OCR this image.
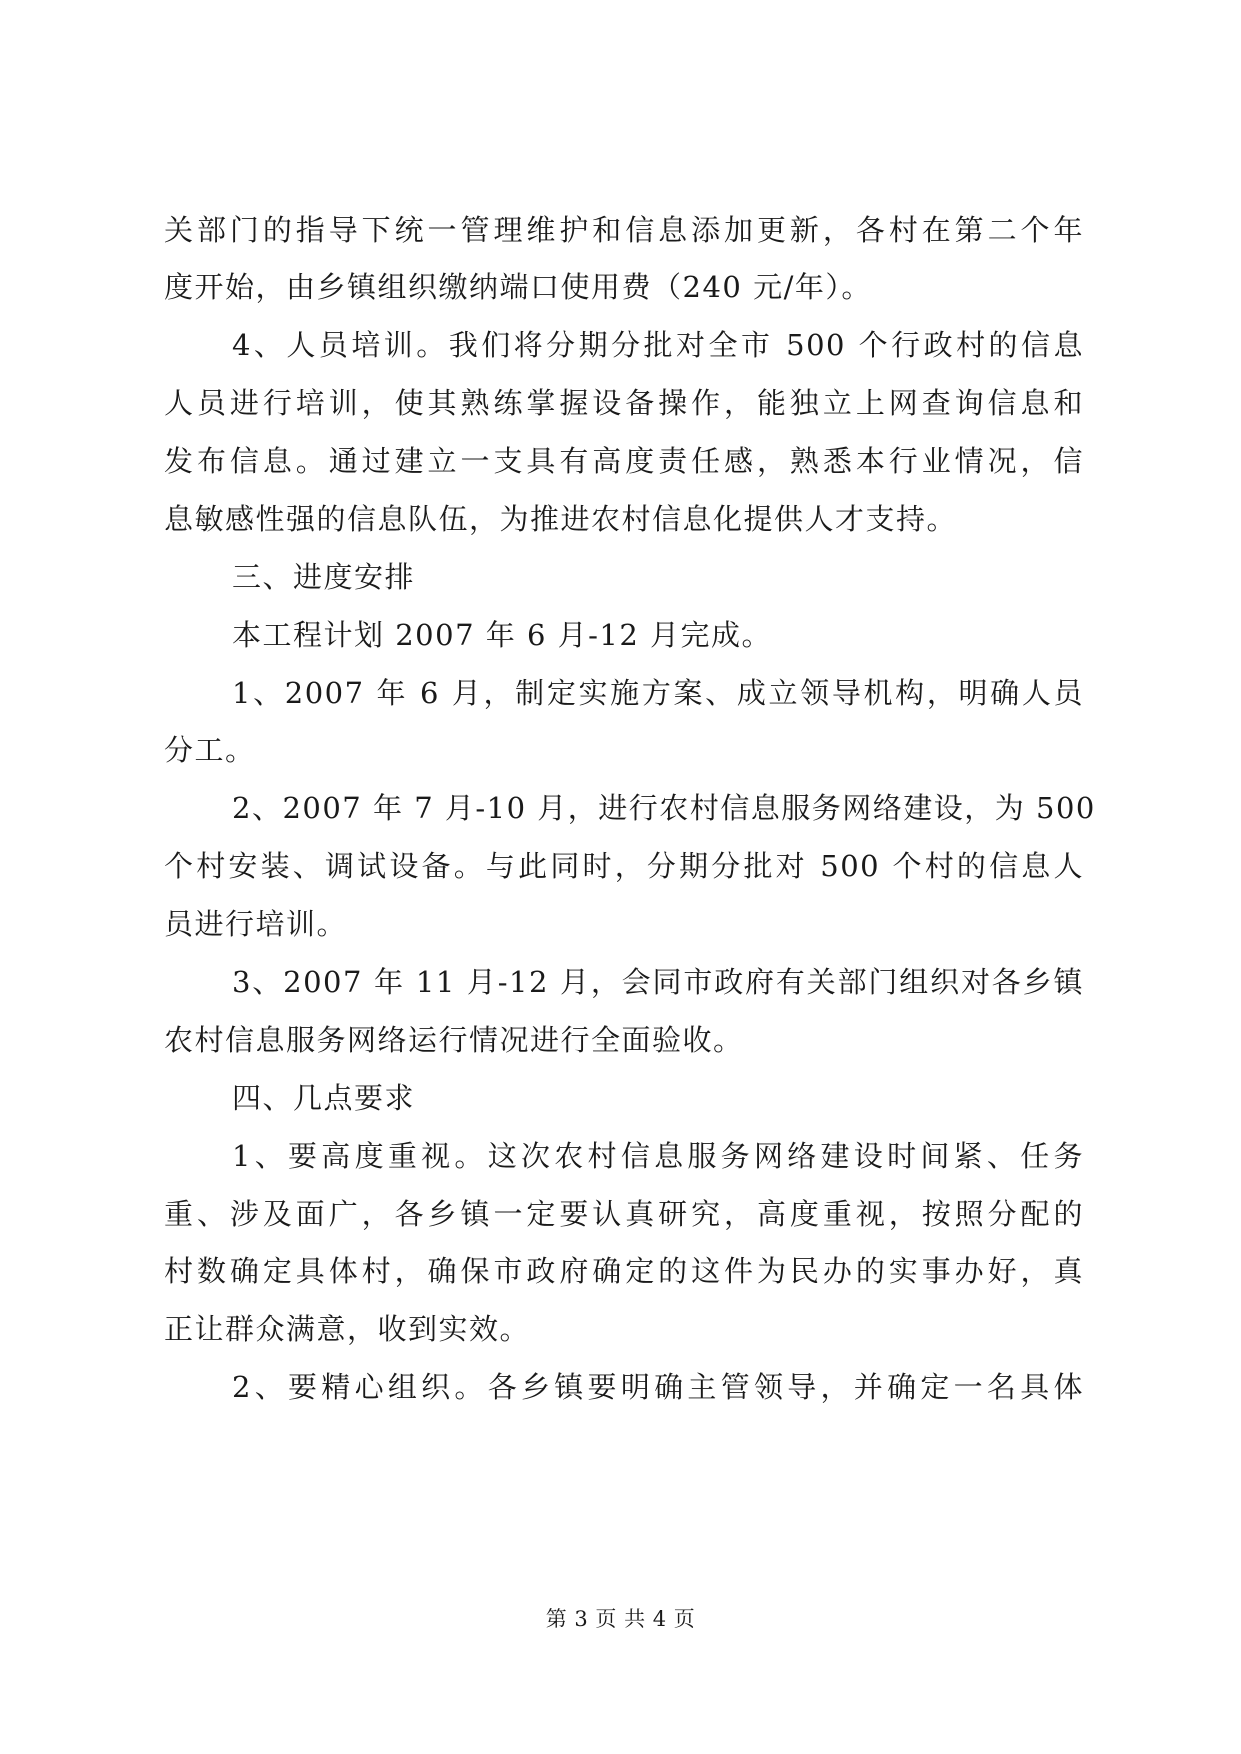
关部门的指导下统一管理维护和信息添加更新，各村在第二个年

度开始，由乡镇组织缴纳端口使用费（240 元/年）。

4、人员培训。我们将分期分批对全市 500 个行政村的信息

人员进行培训，使其熟练掌握设备操作，能独立上网查询信息和

发布信息。通过建立一支具有高度责任感，熟悉本行业情况，信

息敏感性强的信息队伍，为推进农村信息化提供人才支持。

三、进度安排

本工程计划 2007 年 6 月-12 月完成。

1、2007 年 6 月，制定实施方案、成立领导机构，明确人员

分工。

2、2007 年 7 月-10 月，进行农村信息服务网络建设，为 500

个村安装、调试设备。与此同时，分期分批对 500 个村的信息人

员进行培训。

3、2007 年 11 月-12 月，会同市政府有关部门组织对各乡镇

农村信息服务网络运行情况进行全面验收。

四、几点要求

1、要高度重视。这次农村信息服务网络建设时间紧、任务

重、涉及面广，各乡镇一定要认真研究，高度重视，按照分配的

村数确定具体村，确保市政府确定的这件为民办的实事办好，真

正让群众满意，收到实效。

2、要精心组织。各乡镇要明确主管领导，并确定一名具体

第 3 页 共 4 页
